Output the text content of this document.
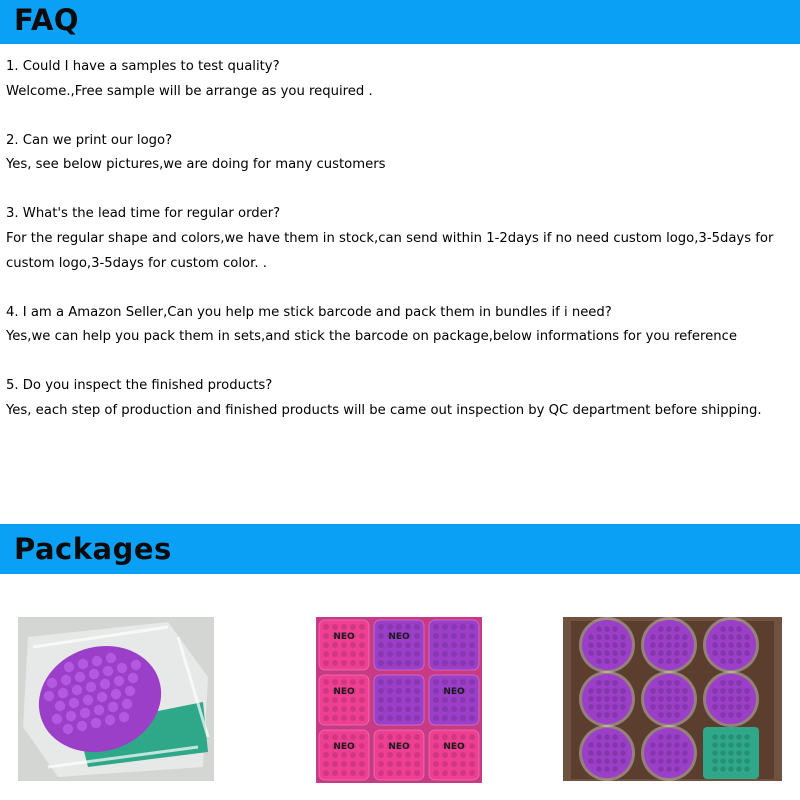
FAQ

1. Could I have a samples to test quality?

Welcome.,Free sample will be arrange as you required .

2. Can we print our logo?

Yes, see below pictures,we are doing for many customers

3. What's the lead time for regular order?

For the regular shape and colors,we have them in stock,can send within 1-2days if no need custom logo,3-5days for custom logo,3-5days for custom color. .

4. I am a Amazon Seller,Can you help me stick barcode and pack them in bundles if i need?

Yes,we can help you pack them in sets,and stick the barcode on package,below informations for you reference

5. Do you inspect the finished products?

Yes, each step of production and finished products will be came out inspection by QC department before shipping.

Packages
NEO	NEO
NEO	NEO
NEO	NEO	NEO
